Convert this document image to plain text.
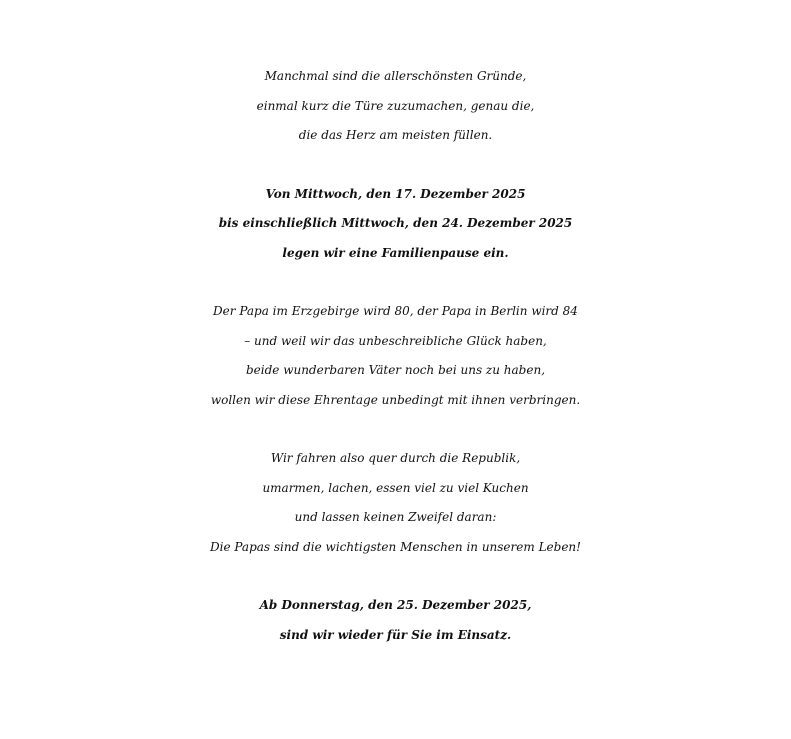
Manchmal sind die allerschönsten Gründe,
einmal kurz die Türe zuzumachen, genau die,
die das Herz am meisten füllen.

Von Mittwoch, den 17. Dezember 2025
bis einschließlich Mittwoch, den 24. Dezember 2025
legen wir eine Familienpause ein.

Der Papa im Erzgebirge wird 80, der Papa in Berlin wird 84
– und weil wir das unbeschreibliche Glück haben,
beide wunderbaren Väter noch bei uns zu haben,
wollen wir diese Ehrentage unbedingt mit ihnen verbringen.

Wir fahren also quer durch die Republik,
umarmen, lachen, essen viel zu viel Kuchen
und lassen keinen Zweifel daran:
Die Papas sind die wichtigsten Menschen in unserem Leben!

Ab Donnerstag, den 25. Dezember 2025,
sind wir wieder für Sie im Einsatz.
